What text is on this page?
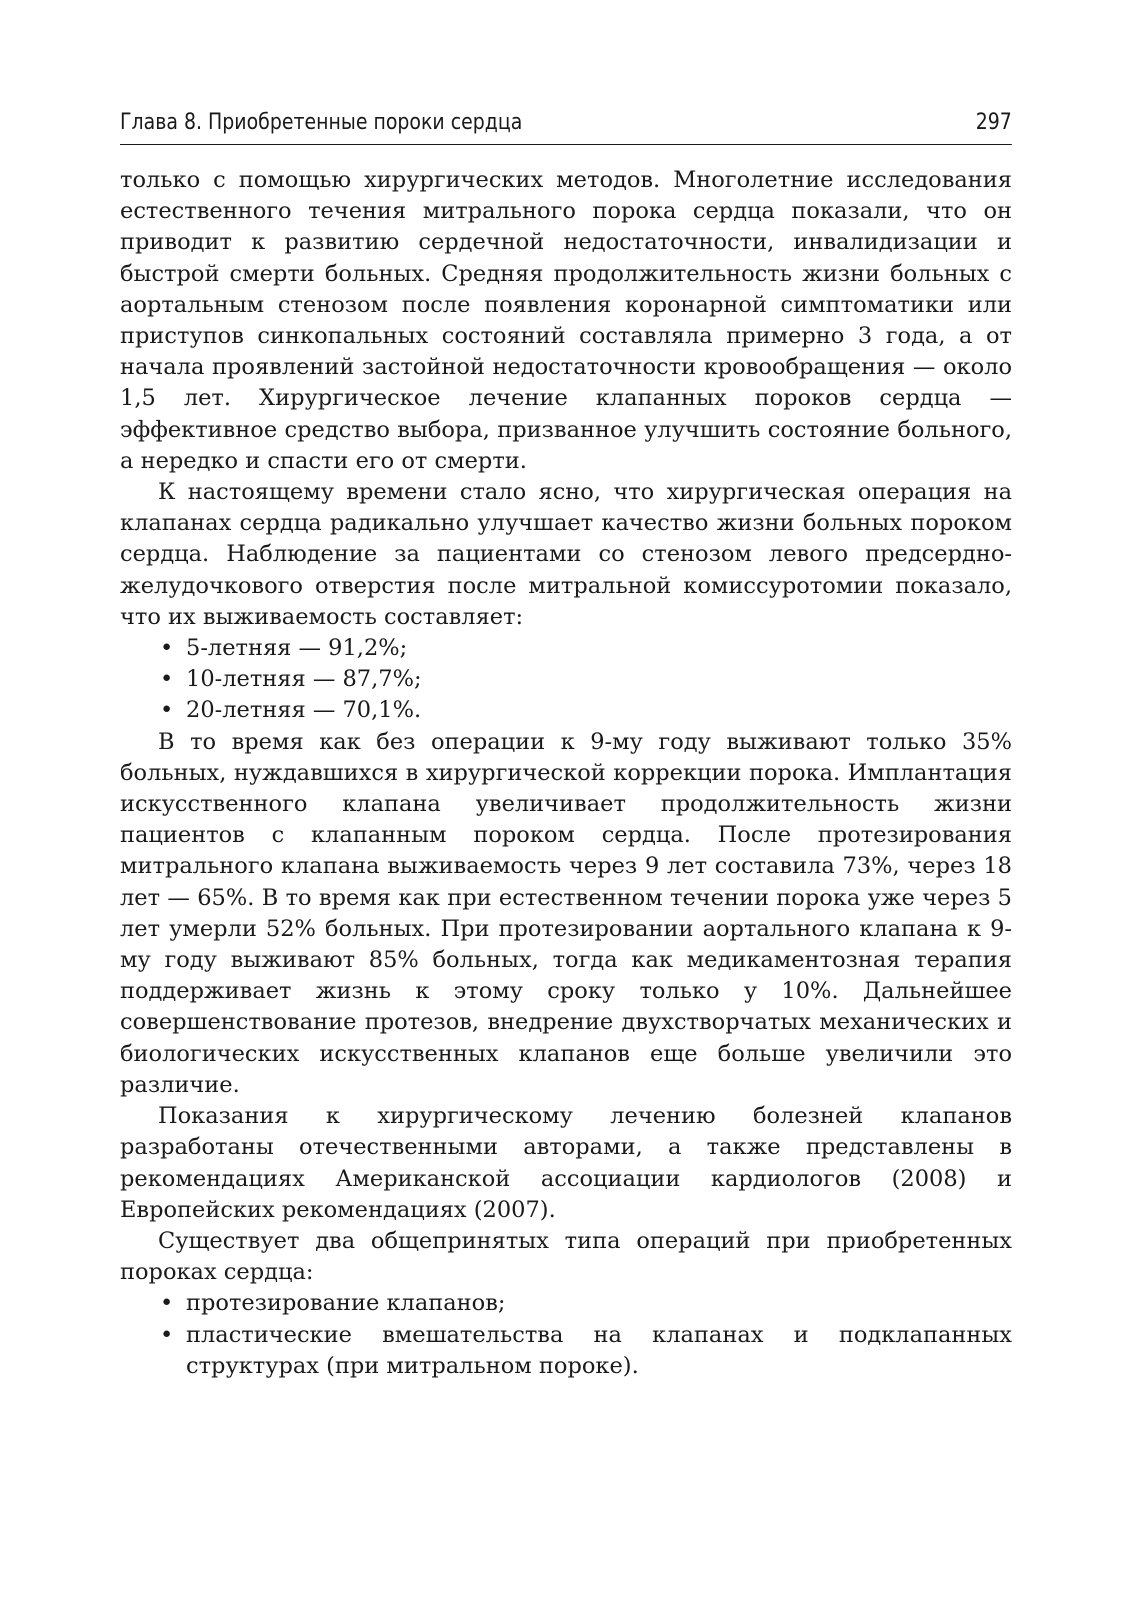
Глава 8. Приобретенные пороки сердца	297

только с помощью хирургических методов. Многолетние исследования естественного течения митрального порока сердца показали, что он приводит к развитию сердечной недостаточности, инвалидизации и быстрой смерти больных. Средняя продолжительность жизни больных с аортальным стенозом после появления коронарной симптоматики или приступов синкопальных состояний составляла примерно 3 года, а от начала проявлений застойной недостаточности кровообращения — около 1,5 лет. Хирургическое лечение клапанных пороков сердца — эффективное средство выбора, призванное улучшить состояние больного, а нередко и спасти его от смерти.

К настоящему времени стало ясно, что хирургическая операция на клапанах сердца радикально улучшает качество жизни больных пороком сердца. Наблюдение за пациентами со стенозом левого предсердно-желудочкового отверстия после митральной комиссуротомии показало, что их выживаемость составляет:

• 5-летняя — 91,2%;
• 10-летняя — 87,7%;
• 20-летняя — 70,1%.

В то время как без операции к 9-му году выживают только 35% больных, нуждавшихся в хирургической коррекции порока. Имплантация искусственного клапана увеличивает продолжительность жизни пациентов с клапанным пороком сердца. После протезирования митрального клапана выживаемость через 9 лет составила 73%, через 18 лет — 65%. В то время как при естественном течении порока уже через 5 лет умерли 52% больных. При протезировании аортального клапана к 9-му году выживают 85% больных, тогда как медикаментозная терапия поддерживает жизнь к этому сроку только у 10%. Дальнейшее совершенствование протезов, внедрение двухстворчатых механических и биологических искусственных клапанов еще больше увеличили это различие.

Показания к хирургическому лечению болезней клапанов разработаны отечественными авторами, а также представлены в рекомендациях Американской ассоциации кардиологов (2008) и Европейских рекомендациях (2007).

Существует два общепринятых типа операций при приобретенных пороках сердца:

• протезирование клапанов;
• пластические вмешательства на клапанах и подклапанных структурах (при митральном пороке).
